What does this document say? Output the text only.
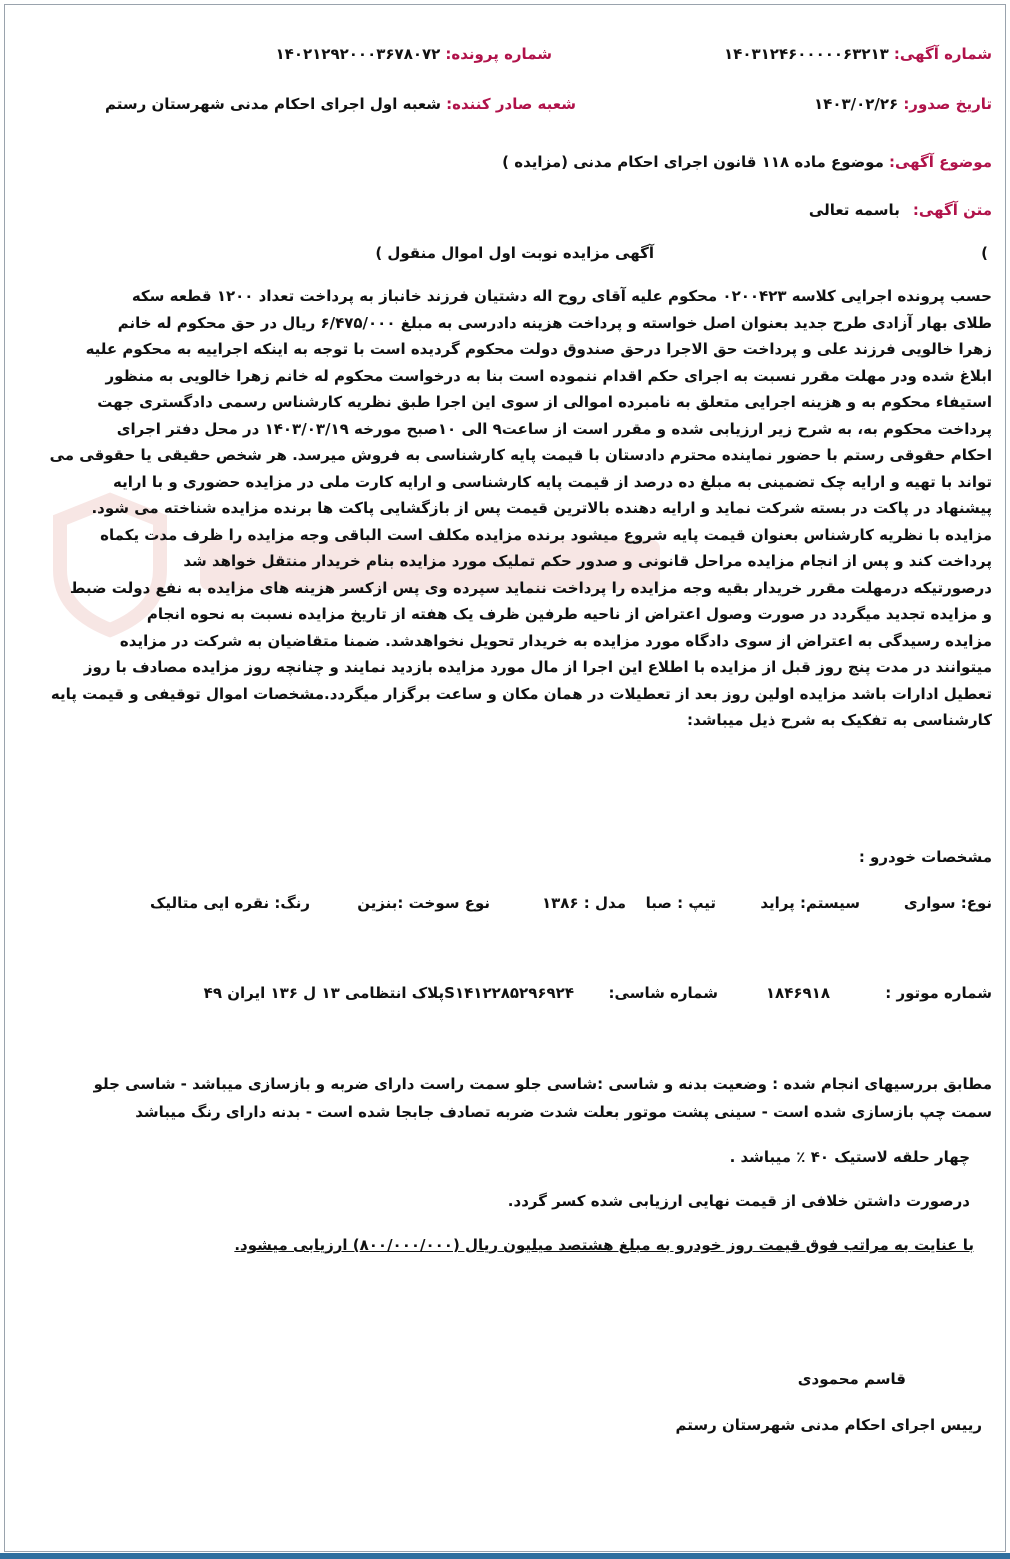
شماره آگهی: ۱۴۰۳۱۲۴۶۰۰۰۰۰۶۳۲۱۳
شماره پرونده: ۱۴۰۲۱۲۹۲۰۰۰۳۶۷۸۰۷۲
تاریخ صدور: ۱۴۰۳/۰۲/۲۶
شعبه صادر کننده: شعبه اول اجرای احکام مدنی شهرستان رستم
موضوع آگهی: موضوع ماده ۱۱۸ قانون اجرای احکام مدنی (مزایده )
متن آگهی: باسمه تعالی
)
آگهی مزایده نوبت اول اموال منقول )
حسب پرونده اجرایی کلاسه ۰۲۰۰۴۲۳ محکوم علیه آقای روح اله دشتیان فرزند خانباز به پرداخت تعداد ۱۲۰۰ قطعه سکه
طلای بهار آزادی طرح جدید بعنوان اصل خواسته و پرداخت هزینه دادرسی به مبلغ ۶/۴۷۵/۰۰۰ ریال در حق محکوم له خانم
زهرا خالویی فرزند علی و پرداخت حق الاجرا درحق صندوق دولت محکوم گردیده است با توجه به اینکه اجراییه به محکوم علیه
ابلاغ شده ودر مهلت مقرر نسبت به اجرای حکم اقدام ننموده است بنا به درخواست محکوم له خانم زهرا خالویی به منظور
استیفاء محکوم به و هزینه اجرایی متعلق به نامبرده اموالی از سوی این اجرا طبق نظریه کارشناس رسمی دادگستری جهت
پرداخت محکوم به، به شرح زیر ارزیابی شده و مقرر است از ساعت۹ الی ۱۰صبح مورخه ۱۴۰۳/۰۳/۱۹ در محل دفتر اجرای
احکام حقوقی رستم با حضور نماینده محترم دادستان با قیمت پایه کارشناسی به فروش میرسد. هر شخص حقیقی یا حقوقی می
تواند با تهیه و ارایه چک تضمینی به مبلغ ده درصد از قیمت پایه کارشناسی و ارایه کارت ملی در مزایده حضوری و با ارایه
پیشنهاد در پاکت در بسته شرکت نماید و ارایه دهنده بالاترین قیمت پس از بازگشایی پاکت ها برنده مزایده شناخته می شود.
مزایده با نظریه کارشناس بعنوان قیمت پایه شروع میشود برنده مزایده مکلف است الباقی وجه مزایده را ظرف مدت یکماه
پرداخت کند و پس از انجام مزایده مراحل قانونی و صدور حکم تملیک مورد مزایده بنام خریدار منتقل خواهد شد
درصورتیکه درمهلت مقرر خریدار بقیه وجه مزایده را پرداخت ننماید سپرده وی پس ازکسر هزینه های مزایده به نفع دولت ضبط
و مزایده تجدید میگردد در صورت وصول اعتراض از ناحیه طرفین ظرف یک هفته از تاریخ مزایده نسبت به نحوه انجام
مزایده رسیدگی به اعتراض از سوی دادگاه مورد مزایده به خریدار تحویل نخواهدشد. ضمنا متقاضیان به شرکت در مزایده
میتوانند در مدت پنج روز قبل از مزایده با اطلاع این اجرا از مال مورد مزایده بازدید نمایند و چنانچه روز مزایده مصادف با روز
تعطیل ادارات باشد مزایده اولین روز بعد از تعطیلات در همان مکان و ساعت برگزار میگردد.مشخصات اموال توقیفی و قیمت پایه
کارشناسی به تفکیک به شرح ذیل میباشد:
مشخصات خودرو :
نوع: سواری
سیستم: پراید
تیپ : صبا
مدل : ۱۳۸۶
نوع سوخت :بنزین
رنگ: نقره ایی متالیک
شماره موتور :
۱۸۴۶۹۱۸
شماره شاسی:
S۱۴۱۲۲۸۵۲۹۶۹۲۴پلاک انتظامی ۱۳ ل ۱۳۶ ایران ۴۹
مطابق بررسیهای انجام شده : وضعیت بدنه و شاسی :شاسی جلو سمت راست دارای ضربه و بازسازی میباشد - شاسی جلو
سمت چپ بازسازی شده است - سینی پشت موتور بعلت شدت ضربه تصادف جابجا شده است - بدنه دارای رنگ میباشد
چهار حلقه لاستیک ۴۰ ٪ میباشد .
درصورت داشتن خلافی از قیمت نهایی ارزیابی شده کسر گردد.
با عنایت به مراتب فوق قیمت روز خودرو به مبلغ هشتصد میلیون ریال (۸۰۰/۰۰۰/۰۰۰) ارزیابی میشود.
قاسم محمودی
رییس اجرای احکام مدنی شهرستان رستم
